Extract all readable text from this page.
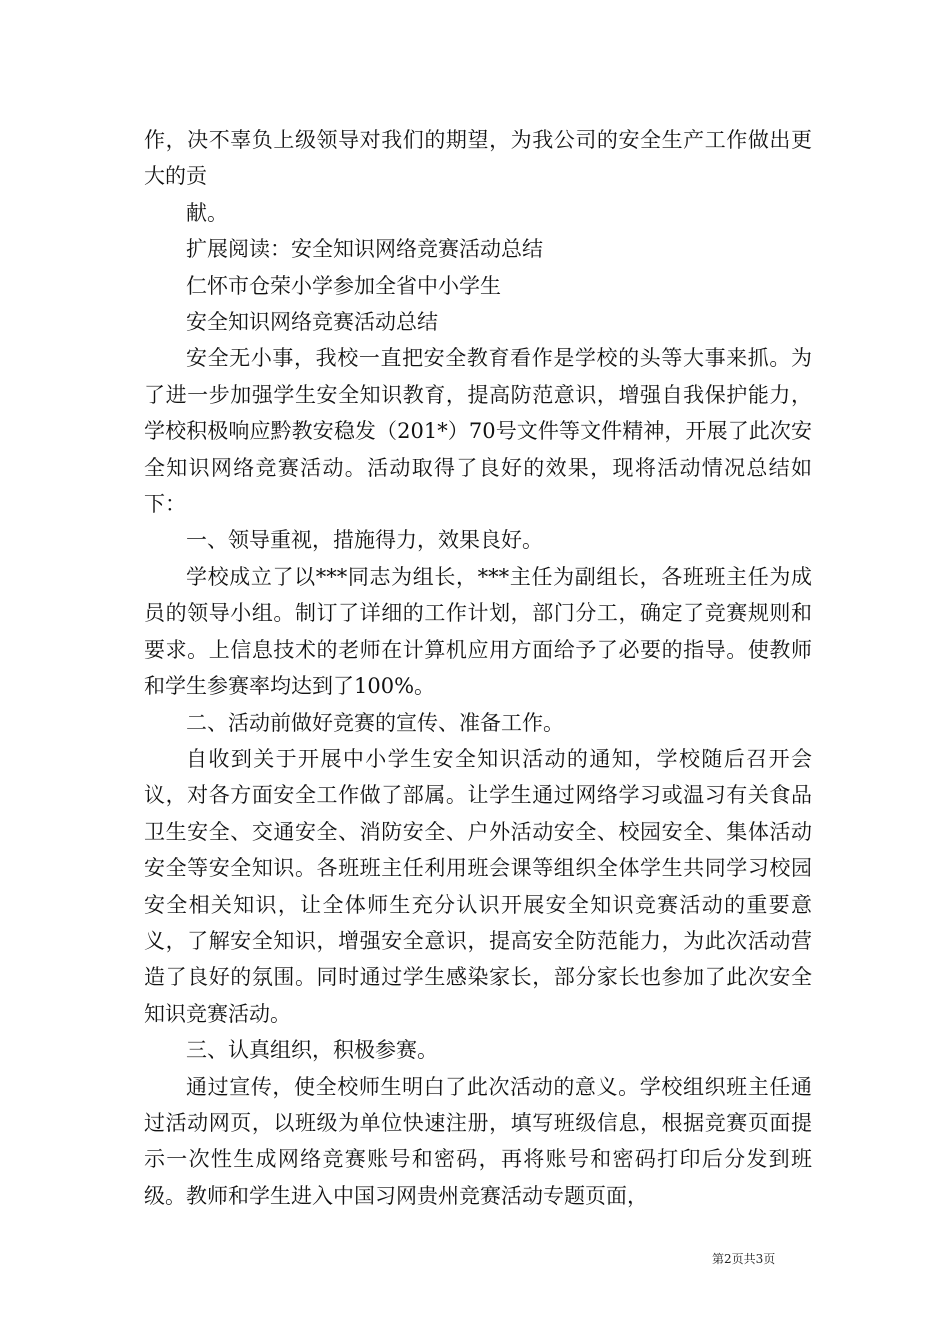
作，决不辜负上级领导对我们的期望，为我公司的安全生产工作做出更大的贡

献。

扩展阅读：安全知识网络竞赛活动总结

仁怀市仓荣小学参加全省中小学生

安全知识网络竞赛活动总结

安全无小事，我校一直把安全教育看作是学校的头等大事来抓。为了进一步加强学生安全知识教育，提高防范意识，增强自我保护能力，学校积极响应黔教安稳发（201*）70号文件等文件精神，开展了此次安全知识网络竞赛活动。活动取得了良好的效果，现将活动情况总结如下：

一、领导重视，措施得力，效果良好。

学校成立了以***同志为组长，***主任为副组长，各班班主任为成员的领导小组。制订了详细的工作计划，部门分工，确定了竞赛规则和要求。上信息技术的老师在计算机应用方面给予了必要的指导。使教师和学生参赛率均达到了100%。

二、活动前做好竞赛的宣传、准备工作。

自收到关于开展中小学生安全知识活动的通知，学校随后召开会议，对各方面安全工作做了部属。让学生通过网络学习或温习有关食品卫生安全、交通安全、消防安全、户外活动安全、校园安全、集体活动安全等安全知识。各班班主任利用班会课等组织全体学生共同学习校园安全相关知识，让全体师生充分认识开展安全知识竞赛活动的重要意义，了解安全知识，增强安全意识，提高安全防范能力，为此次活动营造了良好的氛围。同时通过学生感染家长，部分家长也参加了此次安全知识竞赛活动。

三、认真组织，积极参赛。

通过宣传，使全校师生明白了此次活动的意义。学校组织班主任通过活动网页，以班级为单位快速注册，填写班级信息，根据竞赛页面提示一次性生成网络竞赛账号和密码，再将账号和密码打印后分发到班级。教师和学生进入中国习网贵州竞赛活动专题页面，

第2页共3页
